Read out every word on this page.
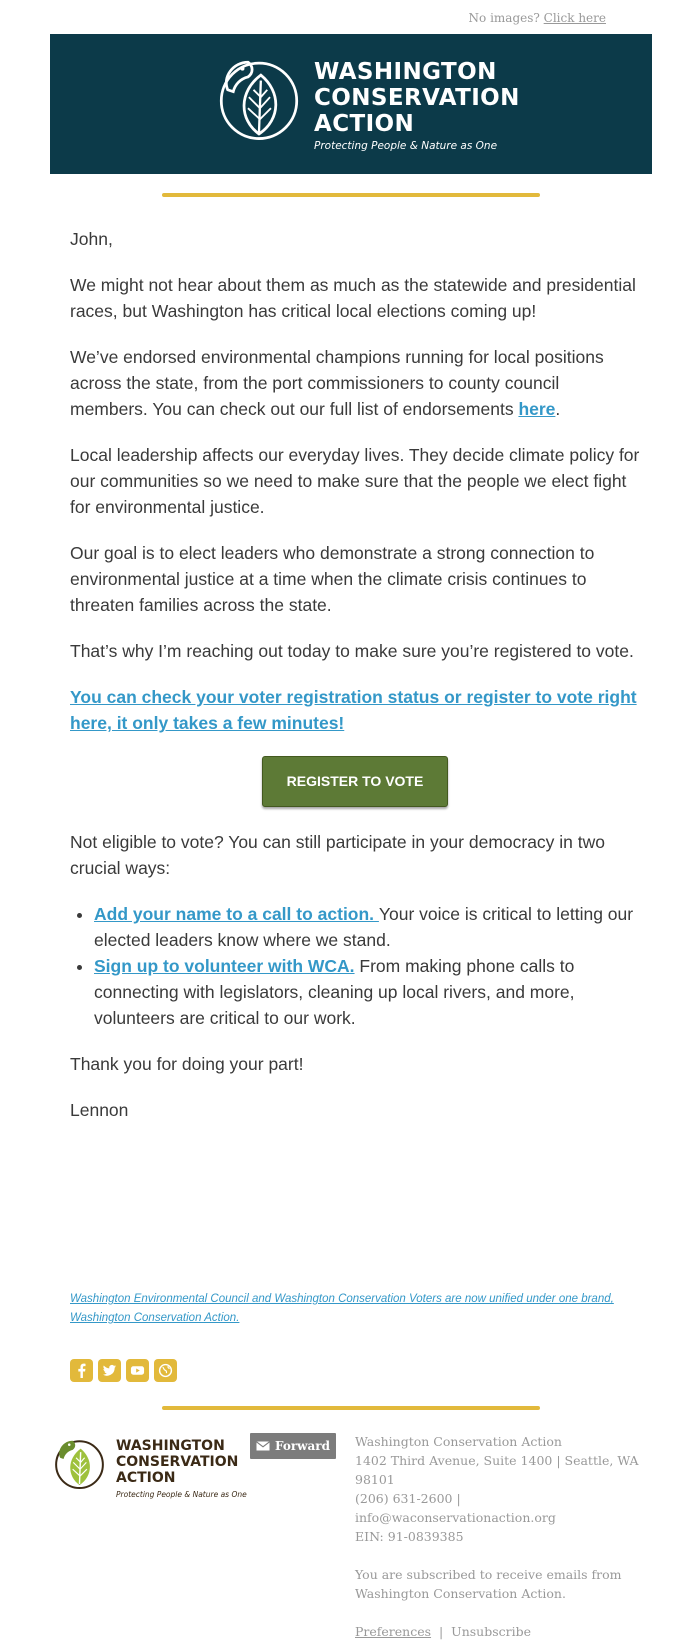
No images? Click here
WASHINGTON
CONSERVATION
ACTION
Protecting People & Nature as One

John,

We might not hear about them as much as the statewide and presidential races, but Washington has critical local elections coming up!

We’ve endorsed environmental champions running for local positions across the state, from the port commissioners to county council members. You can check out our full list of endorsements here.

Local leadership affects our everyday lives. They decide climate policy for our communities so we need to make sure that the people we elect fight for environmental justice.

Our goal is to elect leaders who demonstrate a strong connection to environmental justice at a time when the climate crisis continues to threaten families across the state.

That’s why I’m reaching out today to make sure you’re registered to vote.

You can check your voter registration status or register to vote right here, it only takes a few minutes!

REGISTER TO VOTE

Not eligible to vote? You can still participate in your democracy in two crucial ways:

• Add your name to a call to action. Your voice is critical to letting our elected leaders know where we stand.
• Sign up to volunteer with WCA. From making phone calls to connecting with legislators, cleaning up local rivers, and more, volunteers are critical to our work.

Thank you for doing your part!

Lennon

Washington Environmental Council and Washington Conservation Voters are now unified under one brand, Washington Conservation Action.
WASHINGTON
CONSERVATION
ACTION
Protecting People & Nature as One
Forward Washington Conservation Action
1402 Third Avenue, Suite 1400 | Seattle, WA 98101
(206) 631-2600 |
info@waconservationaction.org
EIN: 91-0839385
You are subscribed to receive emails from Washington Conservation Action.
Preferences | Unsubscribe
